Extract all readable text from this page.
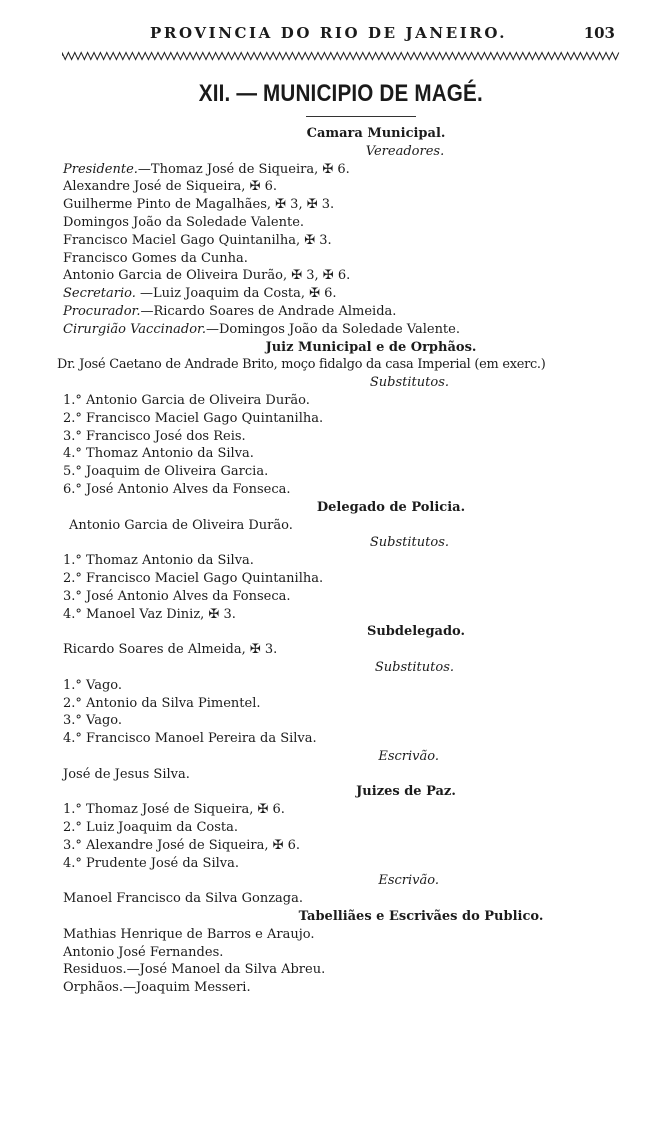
PROVINCIA DO RIO DE JANEIRO.	103
XII. — MUNICIPIO DE MAGÉ.
Camara Municipal.
Vereadores.
Presidente.—Thomaz José de Siqueira, ✠ 6.
Alexandre José de Siqueira, ✠ 6.
Guilherme Pinto de Magalhães, ✠ 3, ✠ 3.
Domingos João da Soledade Valente.
Francisco Maciel Gago Quintanilha, ✠ 3.
Francisco Gomes da Cunha.
Antonio Garcia de Oliveira Durão, ✠ 3, ✠ 6.
Secretario. —Luiz Joaquim da Costa, ✠ 6.
Procurador.—Ricardo Soares de Andrade Almeida.
Cirurgião Vaccinador.—Domingos João da Soledade Valente.
Juiz Municipal e de Orphãos.
Dr. José Caetano de Andrade Brito, moço fidalgo da casa Imperial (em exerc.)
Substitutos.
1.° Antonio Garcia de Oliveira Durão.
2.° Francisco Maciel Gago Quintanilha.
3.° Francisco José dos Reis.
4.° Thomaz Antonio da Silva.
5.° Joaquim de Oliveira Garcia.
6.° José Antonio Alves da Fonseca.
Delegado de Policia.
Antonio Garcia de Oliveira Durão.
Substitutos.
1.° Thomaz Antonio da Silva.
2.° Francisco Maciel Gago Quintanilha.
3.° José Antonio Alves da Fonseca.
4.° Manoel Vaz Diniz, ✠ 3.
Subdelegado.
Ricardo Soares de Almeida, ✠ 3.
Substitutos.
1.° Vago.
2.° Antonio da Silva Pimentel.
3.° Vago.
4.° Francisco Manoel Pereira da Silva.
Escrivão.
José de Jesus Silva.
Juizes de Paz.
1.° Thomaz José de Siqueira, ✠ 6.
2.° Luiz Joaquim da Costa.
3.° Alexandre José de Siqueira, ✠ 6.
4.° Prudente José da Silva.
Escrivão.
Manoel Francisco da Silva Gonzaga.
Tabelliães e Escrivães do Publico.
Mathias Henrique de Barros e Araujo.
Antonio José Fernandes.
Residuos.—José Manoel da Silva Abreu.
Orphãos.—Joaquim Messeri.
